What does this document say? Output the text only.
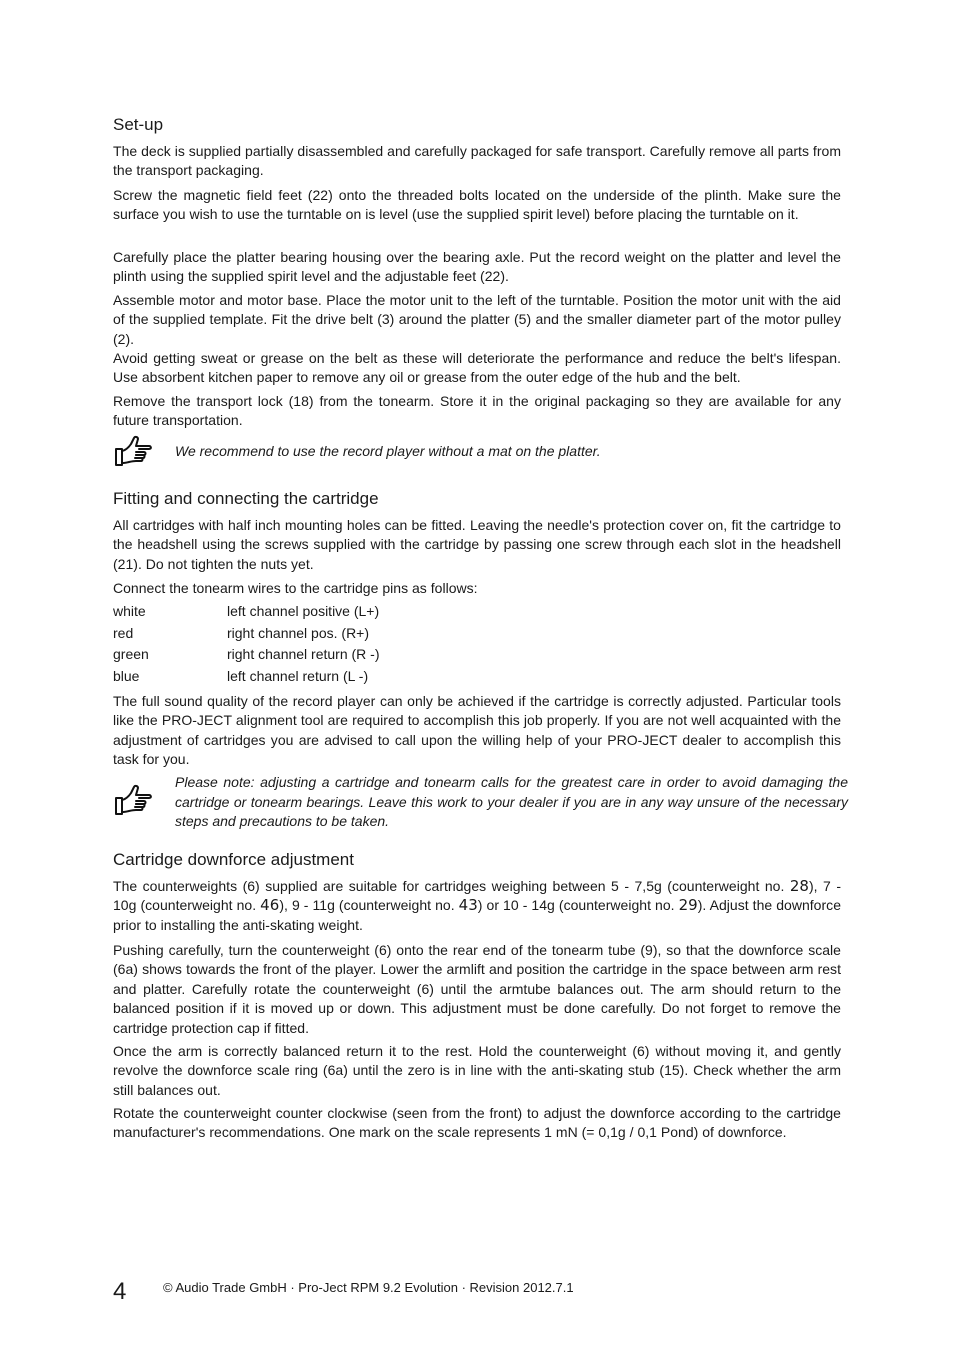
Set-up

The deck is supplied partially disassembled and carefully packaged for safe transport. Carefully remove all parts from the transport packaging.

Screw the magnetic field feet (22) onto the threaded bolts located on the underside of the plinth. Make sure the surface you wish to use the turntable on is level (use the supplied spirit level) before placing the turntable on it.

Carefully place the platter bearing housing over the bearing axle. Put the record weight on the platter and level the plinth using the supplied spirit level and the adjustable feet (22).

Assemble motor and motor base. Place the motor unit to the left of the turntable. Position the motor unit with the aid of the supplied template. Fit the drive belt (3) around the platter (5) and the smaller diameter part of the motor pulley (2).

Avoid getting sweat or grease on the belt as these will deteriorate the performance and reduce the belt's lifespan. Use absorbent kitchen paper to remove any oil or grease from the outer edge of the hub and the belt.

Remove the transport lock (18) from the tonearm. Store it in the original packaging so they are available for any future transportation.

We recommend to use the record player without a mat on the platter.
Fitting and connecting the cartridge

All cartridges with half inch mounting holes can be fitted. Leaving the needle's protection cover on, fit the cartridge to the headshell using the screws supplied with the cartridge by passing one screw through each slot in the headshell (21). Do not tighten the nuts yet.

Connect the tonearm wires to the cartridge pins as follows:

white	left channel positive (L+)
red	right channel pos. (R+)
green	right channel return (R -)
blue	left channel return (L -)

The full sound quality of the record player can only be achieved if the cartridge is correctly adjusted. Particular tools like the PRO-JECT alignment tool are required to accomplish this job properly. If you are not well acquainted with the adjustment of cartridges you are advised to call upon the willing help of your PRO-JECT dealer to accomplish this task for you.

Please note: adjusting a cartridge and tonearm calls for the greatest care in order to avoid damaging the cartridge or tonearm bearings. Leave this work to your dealer if you are in any way unsure of the necessary steps and precautions to be taken.
Cartridge downforce adjustment

The counterweights (6) supplied are suitable for cartridges weighing between 5 - 7,5g (counterweight no. 28), 7 - 10g (counterweight no. 46), 9 - 11g (counterweight no. 43) or 10 - 14g (counterweight no. 29). Adjust the downforce prior to installing the anti-skating weight.

Pushing carefully, turn the counterweight (6) onto the rear end of the tonearm tube (9), so that the downforce scale (6a) shows towards the front of the player. Lower the armlift and position the cartridge in the space between arm rest and platter. Carefully rotate the counterweight (6) until the armtube balances out. The arm should return to the balanced position if it is moved up or down. This adjustment must be done carefully. Do not forget to remove the cartridge protection cap if fitted.

Once the arm is correctly balanced return it to the rest. Hold the counterweight (6) without moving it, and gently revolve the downforce scale ring (6a) until the zero is in line with the anti-skating stub (15). Check whether the arm still balances out.

Rotate the counterweight counter clockwise (seen from the front) to adjust the downforce according to the cartridge manufacturer's recommendations. One mark on the scale represents 1 mN (= 0,1g / 0,1 Pond) of downforce.

4	© Audio Trade GmbH · Pro-Ject RPM 9.2 Evolution · Revision 2012.7.1
